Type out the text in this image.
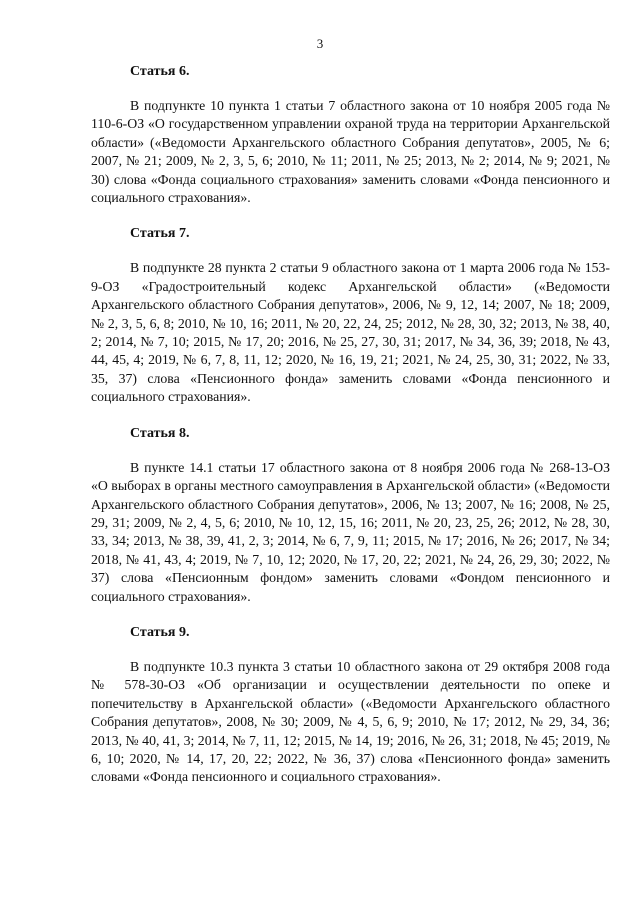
3
Статья 6.

В подпункте 10 пункта 1 статьи 7 областного закона от 10 ноября 2005 года № 110-6-ОЗ «О государственном управлении охраной труда на территории Архангельской области» («Ведомости Архангельского областного Собрания депутатов», 2005, № 6; 2007, № 21; 2009, № 2, 3, 5, 6; 2010, № 11; 2011, № 25; 2013, № 2; 2014, № 9; 2021, № 30) слова «Фонда социального страхования» заменить словами «Фонда пенсионного и социального страхования».

Статья 7.

В подпункте 28 пункта 2 статьи 9 областного закона от 1 марта 2006 года № 153-9-ОЗ «Градостроительный кодекс Архангельской области» («Ведомости Архангельского областного Собрания депутатов», 2006, № 9, 12, 14; 2007, № 18; 2009, № 2, 3, 5, 6, 8; 2010, № 10, 16; 2011, № 20, 22, 24, 25; 2012, № 28, 30, 32; 2013, № 38, 40, 2; 2014, № 7, 10; 2015, № 17, 20; 2016, № 25, 27, 30, 31; 2017, № 34, 36, 39; 2018, № 43, 44, 45, 4; 2019, № 6, 7, 8, 11, 12; 2020, № 16, 19, 21; 2021, № 24, 25, 30, 31; 2022, № 33, 35, 37) слова «Пенсионного фонда» заменить словами «Фонда пенсионного и социального страхования».

Статья 8.

В пункте 14.1 статьи 17 областного закона от 8 ноября 2006 года № 268-13-ОЗ «О выборах в органы местного самоуправления в Архангельской области» («Ведомости Архангельского областного Собрания депутатов», 2006, № 13; 2007, № 16; 2008, № 25, 29, 31; 2009, № 2, 4, 5, 6; 2010, № 10, 12, 15, 16; 2011, № 20, 23, 25, 26; 2012, № 28, 30, 33, 34; 2013, № 38, 39, 41, 2, 3; 2014, № 6, 7, 9, 11; 2015, № 17; 2016, № 26; 2017, № 34; 2018, № 41, 43, 4; 2019, № 7, 10, 12; 2020, № 17, 20, 22; 2021, № 24, 26, 29, 30; 2022, № 37) слова «Пенсионным фондом» заменить словами «Фондом пенсионного и социального страхования».

Статья 9.

В подпункте 10.3 пункта 3 статьи 10 областного закона от 29 октября 2008 года № 578-30-ОЗ «Об организации и осуществлении деятельности по опеке и попечительству в Архангельской области» («Ведомости Архангельского областного Собрания депутатов», 2008, № 30; 2009, № 4, 5, 6, 9; 2010, № 17; 2012, № 29, 34, 36; 2013, № 40, 41, 3; 2014, № 7, 11, 12; 2015, № 14, 19; 2016, № 26, 31; 2018, № 45; 2019, № 6, 10; 2020, № 14, 17, 20, 22; 2022, № 36, 37) слова «Пенсионного фонда» заменить словами «Фонда пенсионного и социального страхования».
